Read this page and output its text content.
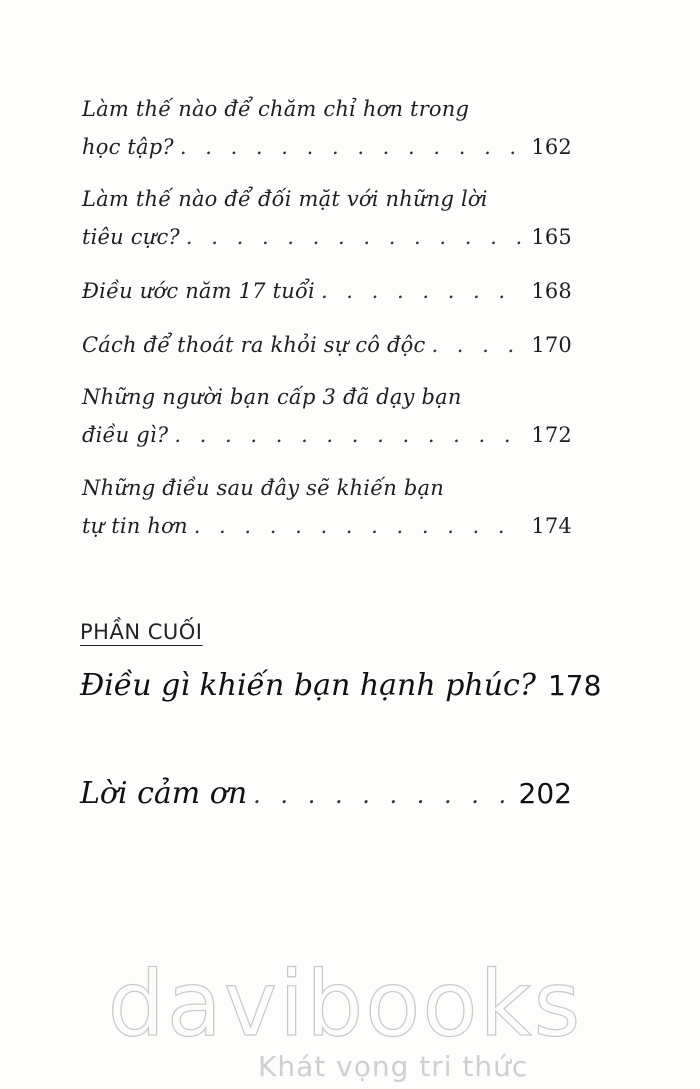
Làm thế nào để chăm chỉ hơn trong
học tập? . . .	162
Làm thế nào để đối mặt với những lời
tiêu cực? . . .	165
Điều ước năm 17 tuổi . . .	168
Cách để thoát ra khỏi sự cô độc . . .	170
Những người bạn cấp 3 đã dạy bạn
điều gì? . . .	172
Những điều sau đây sẽ khiến bạn
tự tin hơn . . .	174
PHẦN CUỐI
Điều gì khiến bạn hạnh phúc? 178
Lời cảm ơn . . .	202
davibooks
Khát vọng tri thức
